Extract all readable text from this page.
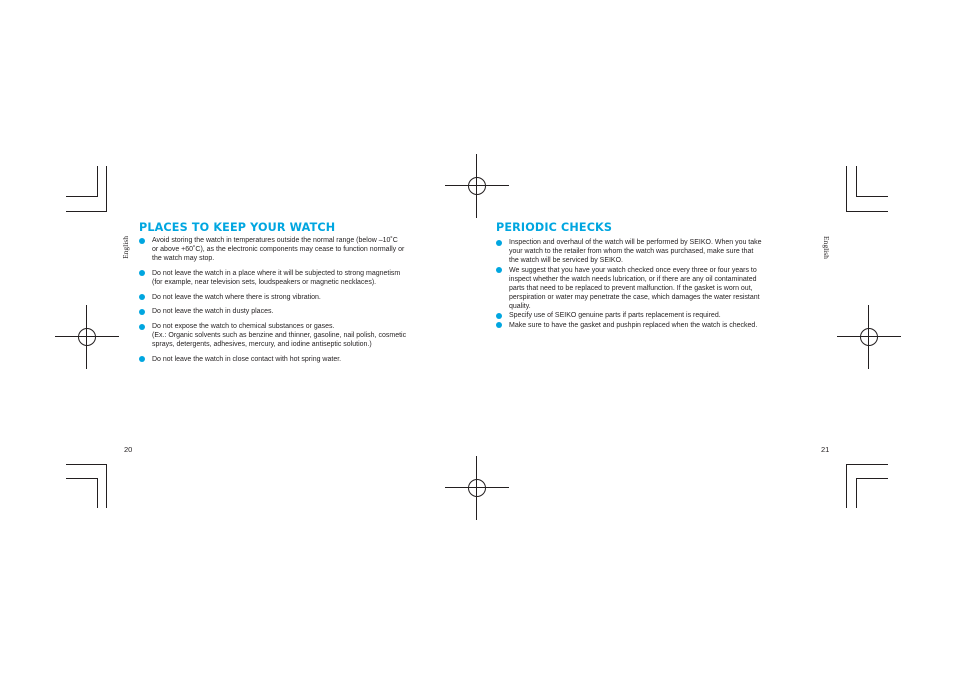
English
PLACES TO KEEP YOUR WATCH
Avoid storing the watch in temperatures outside the normal range (below –10˚C
or above +60˚C), as the electronic components may cease to function normally or
the watch may stop.
Do not leave the watch in a place where it will be subjected to strong magnetism
(for example, near television sets, loudspeakers or magnetic necklaces).
Do not leave the watch where there is strong vibration.
Do not leave the watch in dusty places.
Do not expose the watch to chemical substances or gases.
(Ex.: Organic solvents such as benzine and thinner, gasoline, nail polish, cosmetic
sprays, detergents, adhesives, mercury, and iodine antiseptic solution.)
Do not leave the watch in close contact with hot spring water.
20
English
PERIODIC CHECKS
Inspection and overhaul of the watch will be performed by SEIKO. When you take
your watch to the retailer from whom the watch was purchased, make sure that
the watch will be serviced by SEIKO.
We suggest that you have your watch checked once every three or four years to
inspect whether the watch needs lubrication, or if there are any oil contaminated
parts that need to be replaced to prevent malfunction. If the gasket is worn out,
perspiration or water may penetrate the case, which damages the water resistant
quality.
Specify use of SEIKO genuine parts if parts replacement is required.
Make sure to have the gasket and pushpin replaced when the watch is checked.
21
